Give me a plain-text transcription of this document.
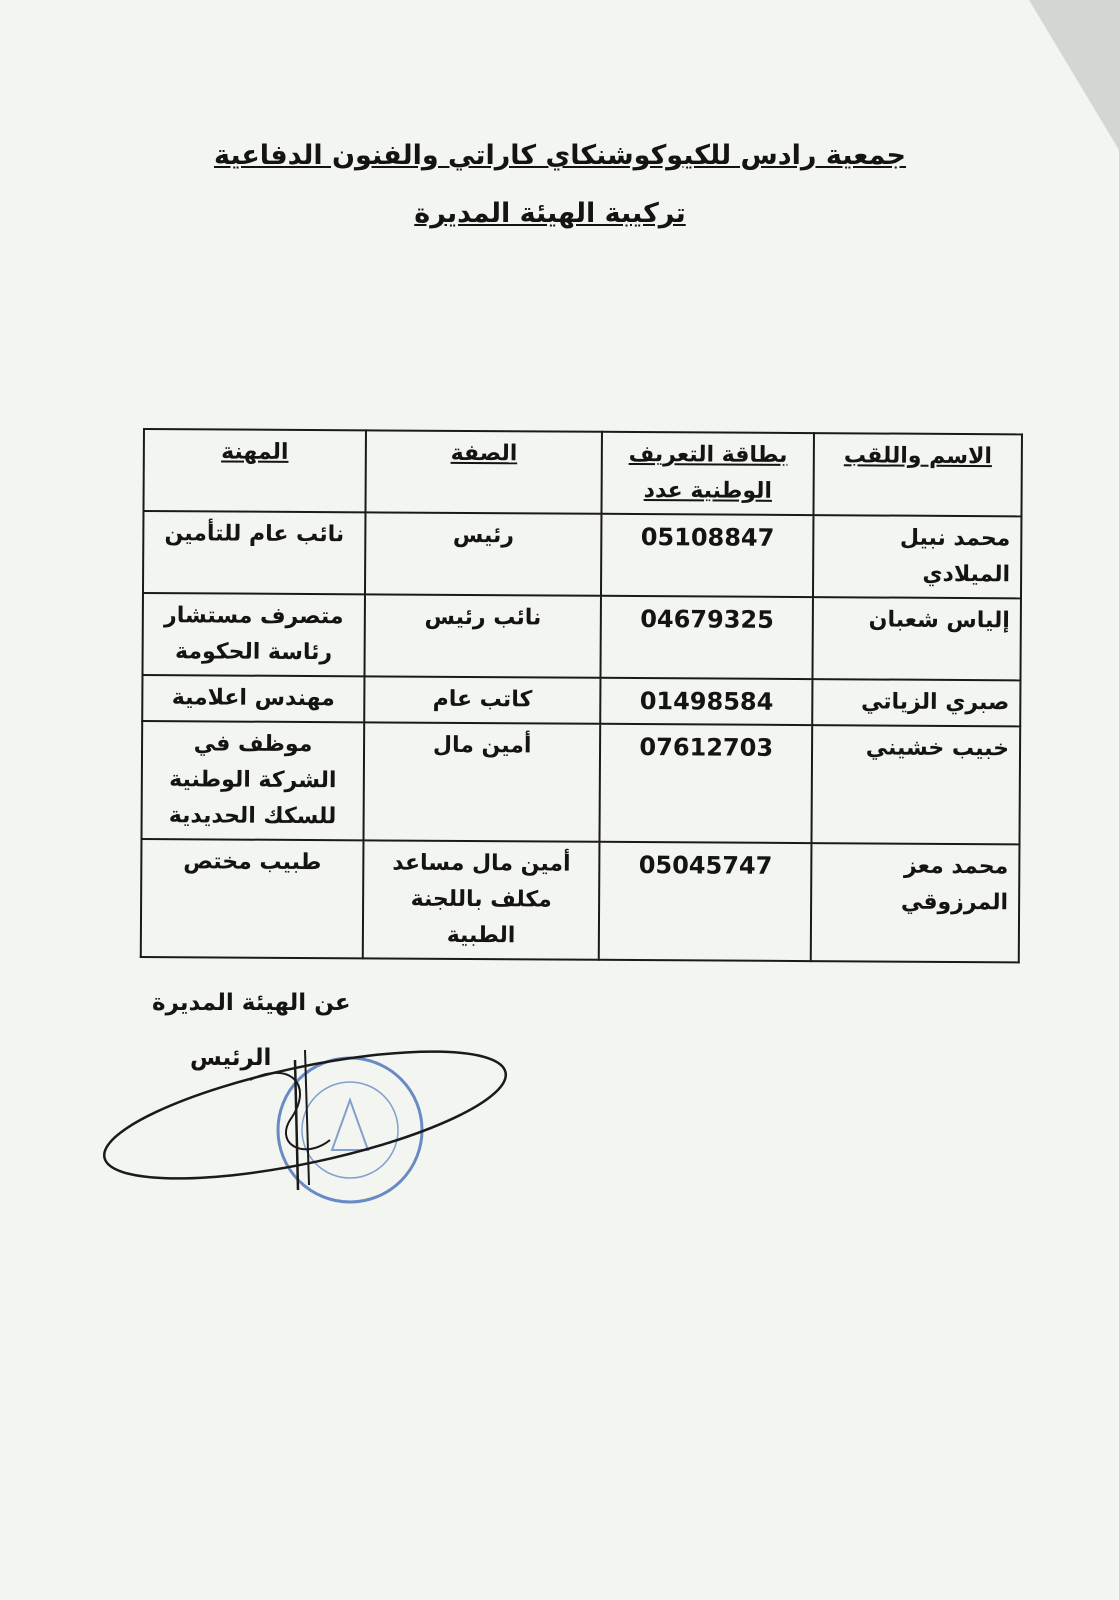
جمعية رادس للكيوكوشنكاي كاراتي والفنون الدفاعية
تركيبة الهيئة المديرة
الاسم واللقب	بطاقة التعريف الوطنية عدد	الصفة	المهنة
محمد نبيل الميلادي	05108847	رئيس	نائب عام للتأمين
إلياس شعبان	04679325	نائب رئيس	متصرف مستشار رئاسة الحكومة
صبري الزياتي	01498584	كاتب عام	مهندس اعلامية
خبيب خشيني	07612703	أمين مال	موظف في الشركة الوطنية للسكك الحديدية
محمد معز المرزوقي	05045747	أمين مال مساعد مكلف باللجنة الطبية	طبيب مختص
عن الهيئة المديرة
الرئيس
